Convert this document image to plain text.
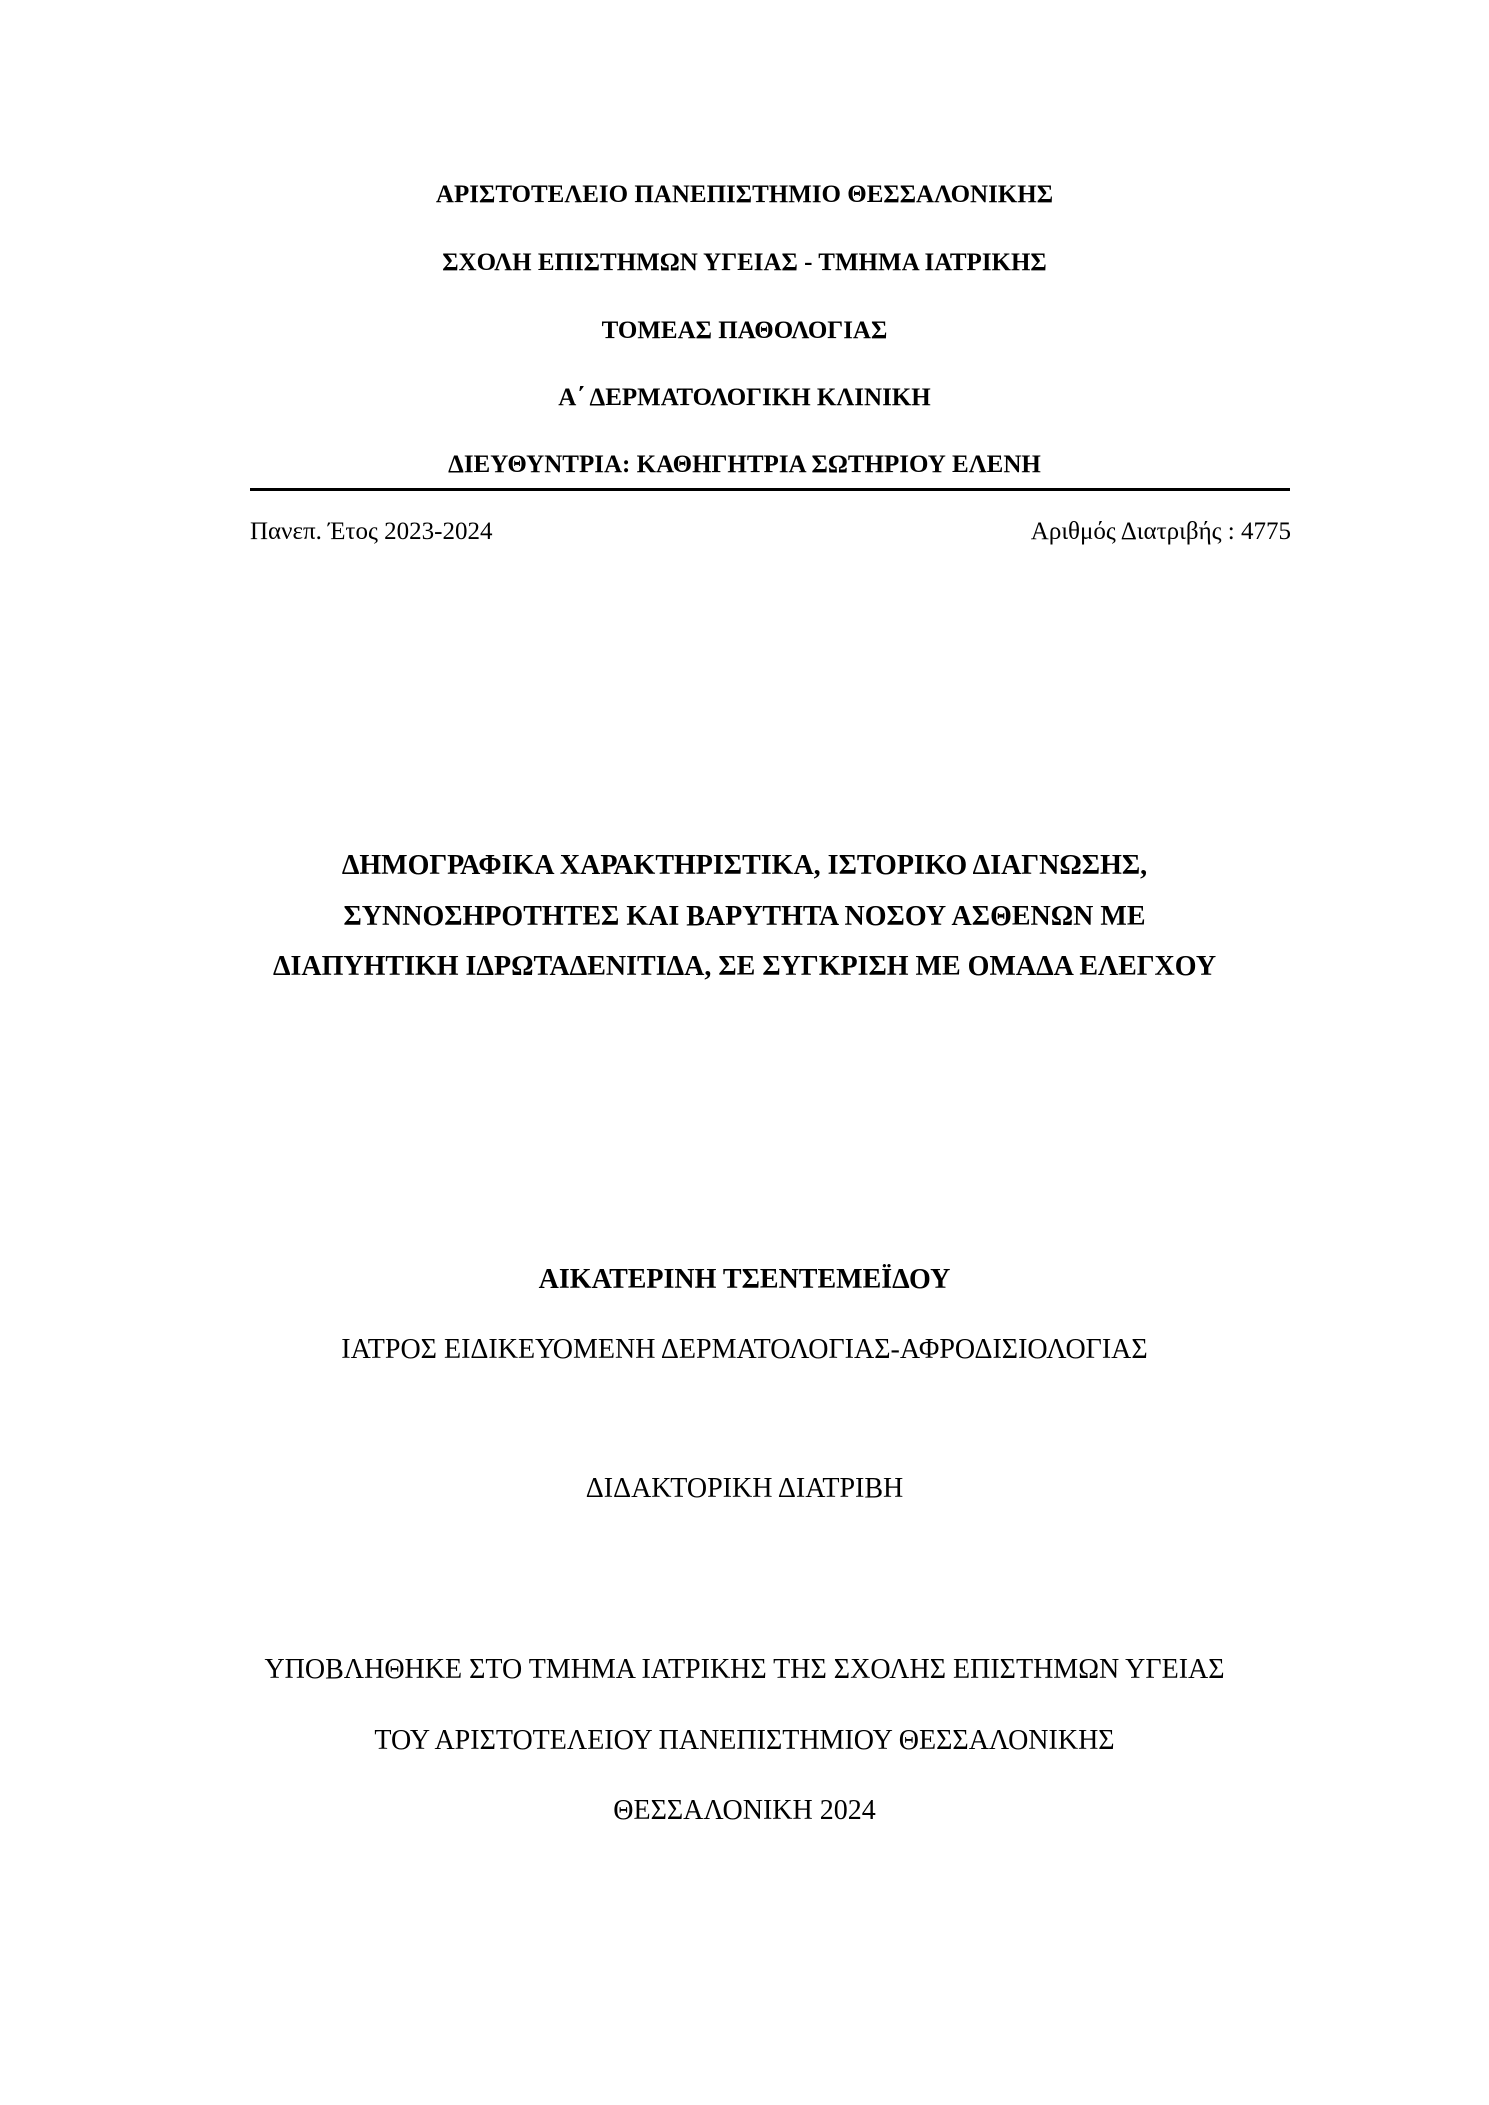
ΑΡΙΣΤΟΤΕΛΕΙΟ ΠΑΝΕΠΙΣΤΗΜΙΟ ΘΕΣΣΑΛΟΝΙΚΗΣ
ΣΧΟΛΗ ΕΠΙΣΤΗΜΩΝ ΥΓΕΙΑΣ - ΤΜΗΜΑ ΙΑΤΡΙΚΗΣ
ΤΟΜΕΑΣ ΠΑΘΟΛΟΓΙΑΣ
Α΄ ΔΕΡΜΑΤΟΛΟΓΙΚΗ ΚΛΙΝΙΚΗ
ΔΙΕΥΘΥΝΤΡΙΑ: ΚΑΘΗΓΗΤΡΙΑ ΣΩΤΗΡΙΟΥ ΕΛΕΝΗ
Πανεπ. Έτος 2023-2024	Αριθμός Διατριβής : 4775
ΔΗΜΟΓΡΑΦΙΚΑ ΧΑΡΑΚΤΗΡΙΣΤΙΚΑ, ΙΣΤΟΡΙΚΟ ΔΙΑΓΝΩΣΗΣ,
ΣΥΝΝΟΣΗΡΟΤΗΤΕΣ ΚΑΙ ΒΑΡΥΤΗΤΑ ΝΟΣΟΥ ΑΣΘΕΝΩΝ ΜΕ
ΔΙΑΠΥΗΤΙΚΗ ΙΔΡΩΤΑΔΕΝΙΤΙΔΑ, ΣΕ ΣΥΓΚΡΙΣΗ ΜΕ ΟΜΑΔΑ ΕΛΕΓΧΟΥ
ΑΙΚΑΤΕΡΙΝΗ ΤΣΕΝΤΕΜΕΪΔΟΥ
ΙΑΤΡΟΣ ΕΙΔΙΚΕΥΟΜΕΝΗ ΔΕΡΜΑΤΟΛΟΓΙΑΣ-ΑΦΡΟΔΙΣΙΟΛΟΓΙΑΣ
ΔΙΔΑΚΤΟΡΙΚΗ ΔΙΑΤΡΙΒΗ
ΥΠΟΒΛΗΘΗΚΕ ΣΤΟ ΤΜΗΜΑ ΙΑΤΡΙΚΗΣ ΤΗΣ ΣΧΟΛΗΣ ΕΠΙΣΤΗΜΩΝ ΥΓΕΙΑΣ
ΤΟΥ ΑΡΙΣΤΟΤΕΛΕΙΟΥ ΠΑΝΕΠΙΣΤΗΜΙΟΥ ΘΕΣΣΑΛΟΝΙΚΗΣ
ΘΕΣΣΑΛΟΝΙΚΗ 2024
